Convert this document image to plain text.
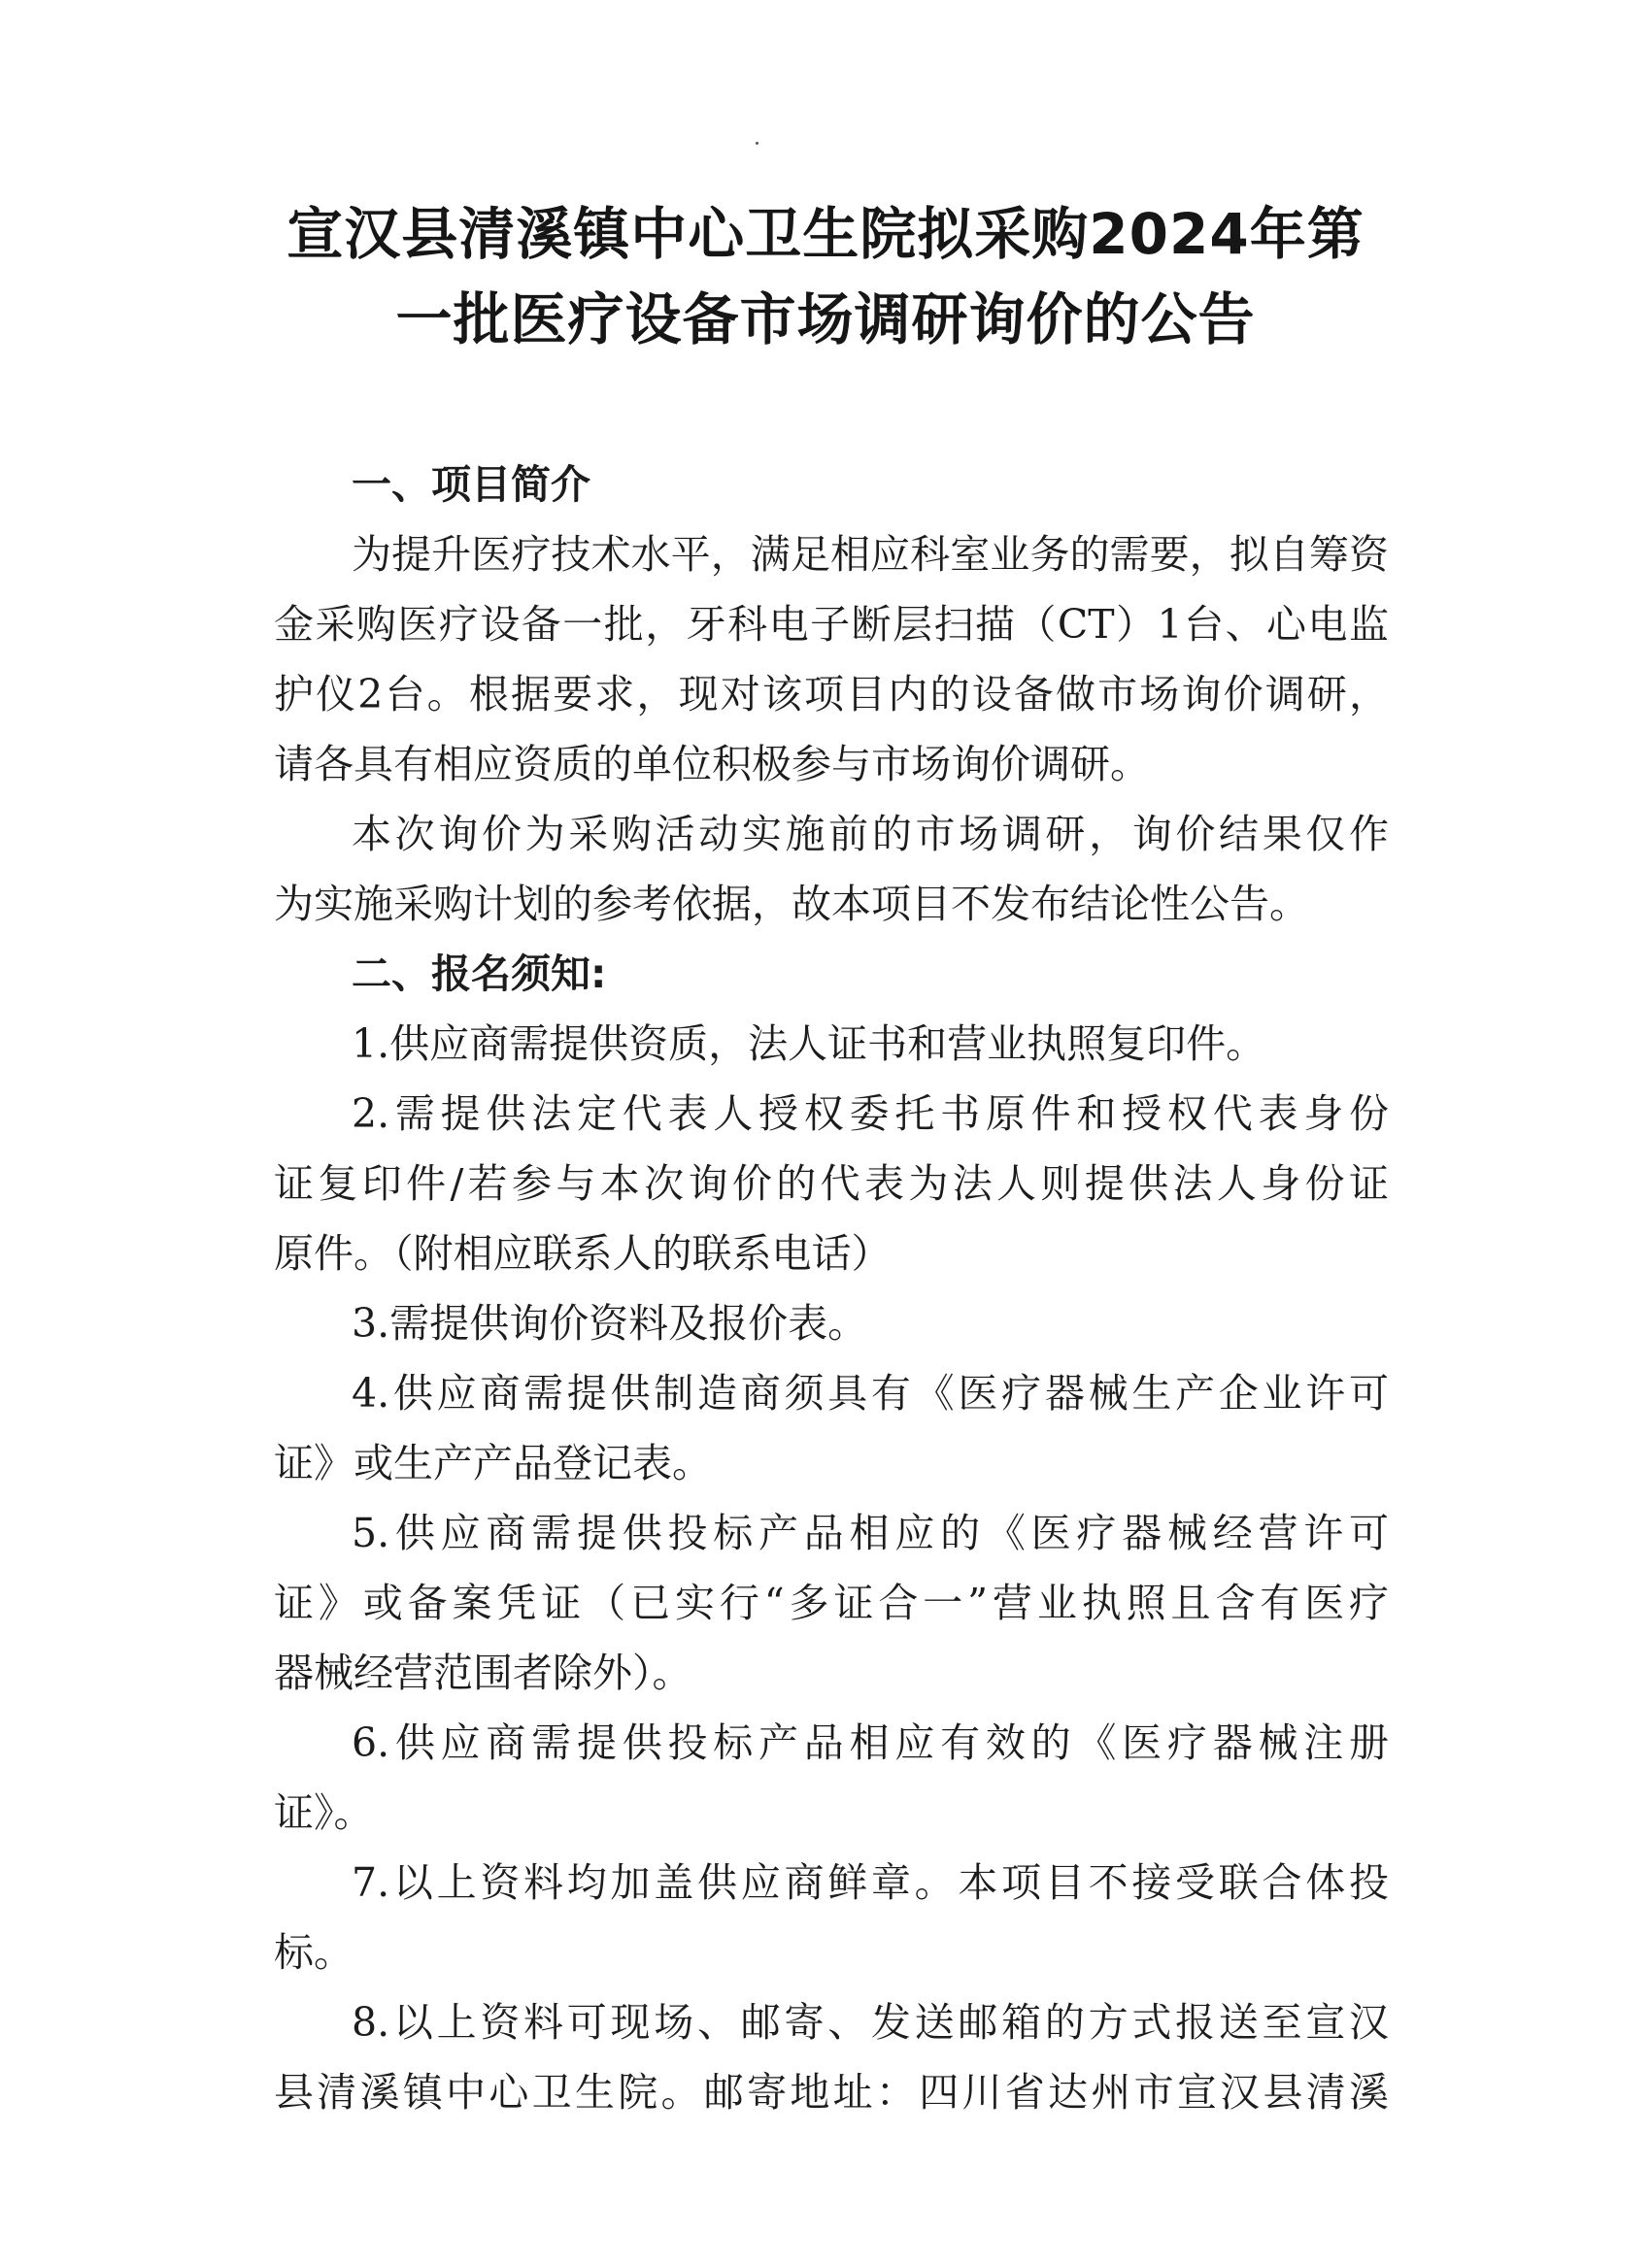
宣汉县清溪镇中心卫生院拟采购2024年第
一批医疗设备市场调研询价的公告
一、项目简介
为提升医疗技术水平，满足相应科室业务的需要，拟自筹资
金采购医疗设备一批，牙科电子断层扫描（CT）1台、心电监
护仪2台。根据要求，现对该项目内的设备做市场询价调研，
请各具有相应资质的单位积极参与市场询价调研。
本次询价为采购活动实施前的市场调研，询价结果仅作
为实施采购计划的参考依据，故本项目不发布结论性公告。
二、报名须知:
1.供应商需提供资质，法人证书和营业执照复印件。
2.需提供法定代表人授权委托书原件和授权代表身份
证复印件/若参与本次询价的代表为法人则提供法人身份证
原件。（附相应联系人的联系电话）
3.需提供询价资料及报价表。
4.供应商需提供制造商须具有《医疗器械生产企业许可
证》或生产产品登记表。
5.供应商需提供投标产品相应的《医疗器械经营许可
证》或备案凭证（已实行“多证合一”营业执照且含有医疗
器械经营范围者除外）。
6.供应商需提供投标产品相应有效的《医疗器械注册
证》。
7.以上资料均加盖供应商鲜章。本项目不接受联合体投
标。
8.以上资料可现场、邮寄、发送邮箱的方式报送至宣汉
县清溪镇中心卫生院。邮寄地址：四川省达州市宣汉县清溪
